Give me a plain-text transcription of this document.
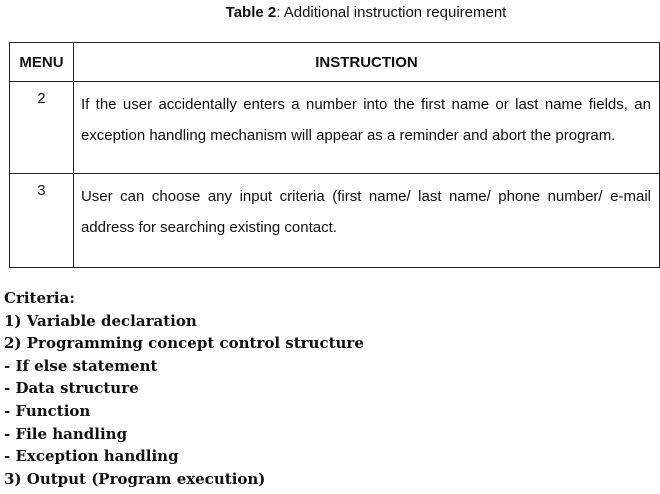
Table 2: Additional instruction requirement
MENU	INSTRUCTION
2	If the user accidentally enters a number into the first name or last name fields, an exception handling mechanism will appear as a reminder and abort the program.
3	User can choose any input criteria (first name/ last name/ phone number/ e-mail address for searching existing contact.
Criteria:
1) Variable declaration
2) Programming concept control structure
- If else statement
- Data structure
- Function
- File handling
- Exception handling
3) Output (Program execution)
